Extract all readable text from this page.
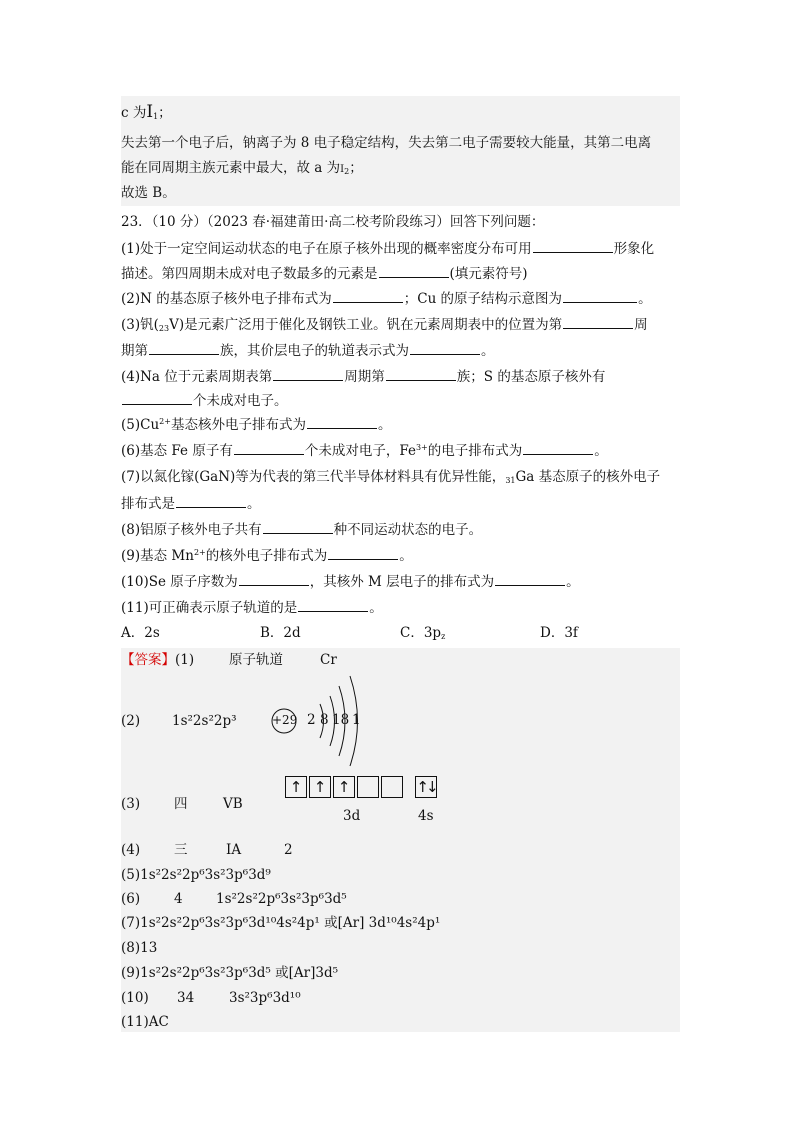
c 为$I_1$；
失去第一个电子后，钠离子为 8 电子稳定结构，失去第二电子需要较大能量，其第二电离
能在同周期主族元素中最大，故 a 为$I_2$；
故选 B。
23．（10 分）（2023 春·福建莆田·高二校考阶段练习）回答下列问题：
(1)处于一定空间运动状态的电子在原子核外出现的概率密度分布可用	形象化
描述。第四周期未成对电子数最多的元素是	(填元素符号)
(2)N 的基态原子核外电子排布式为	；Cu 的原子结构示意图为	。
(3)钒$(_{23}V)$是元素广泛用于催化及钢铁工业。钒在元素周期表中的位置为第	周
期第	族，其价层电子的轨道表示式为	。
(4)Na 位于元素周期表第	周期第	族；S 的基态原子核外有
个未成对电子。
$(5)Cu^{2+}$基态核外电子排布式为	。
(6)基态 Fe 原子有	个未成对电子，$Fe^{3+}$的电子排布式为	。
(7)以氮化镓(GaN)等为代表的第三代半导体材料具有优异性能，$_{31}$Ga 基态原子的核外电子
排布式是	。
(8)铝原子核外电子共有	种不同运动状态的电子。
(9)基态 $Mn^{2+}$的核外电子排布式为	。
(10)Se 原子序数为	，其核外 M 层电子的排布式为	。
(11)可正确表示原子轨道的是	。
A．2s	B．2d	C．$3p_z$	D．3f
【答案】(1)	原子轨道	Cr
(2) 1s²2s²2p³	+29 2 8 18 1
(3)	四	ⅤB
↑ ↑ ↑	↑↓
3d	4s
(4)	三	ⅠA	2
(5)1s²2s²2p⁶3s²3p⁶3d⁹
(6)	4 1s²2s²2p⁶3s²3p⁶3d⁵
(7)1s²2s²2p⁶3s²3p⁶3d¹⁰4s²4p¹ 或[Ar] 3d¹⁰4s²4p¹
(8)13
(9)1s²2s²2p⁶3s²3p⁶3d⁵ 或[Ar]3d⁵
(10) 34	3s²3p⁶3d¹⁰
(11)AC
